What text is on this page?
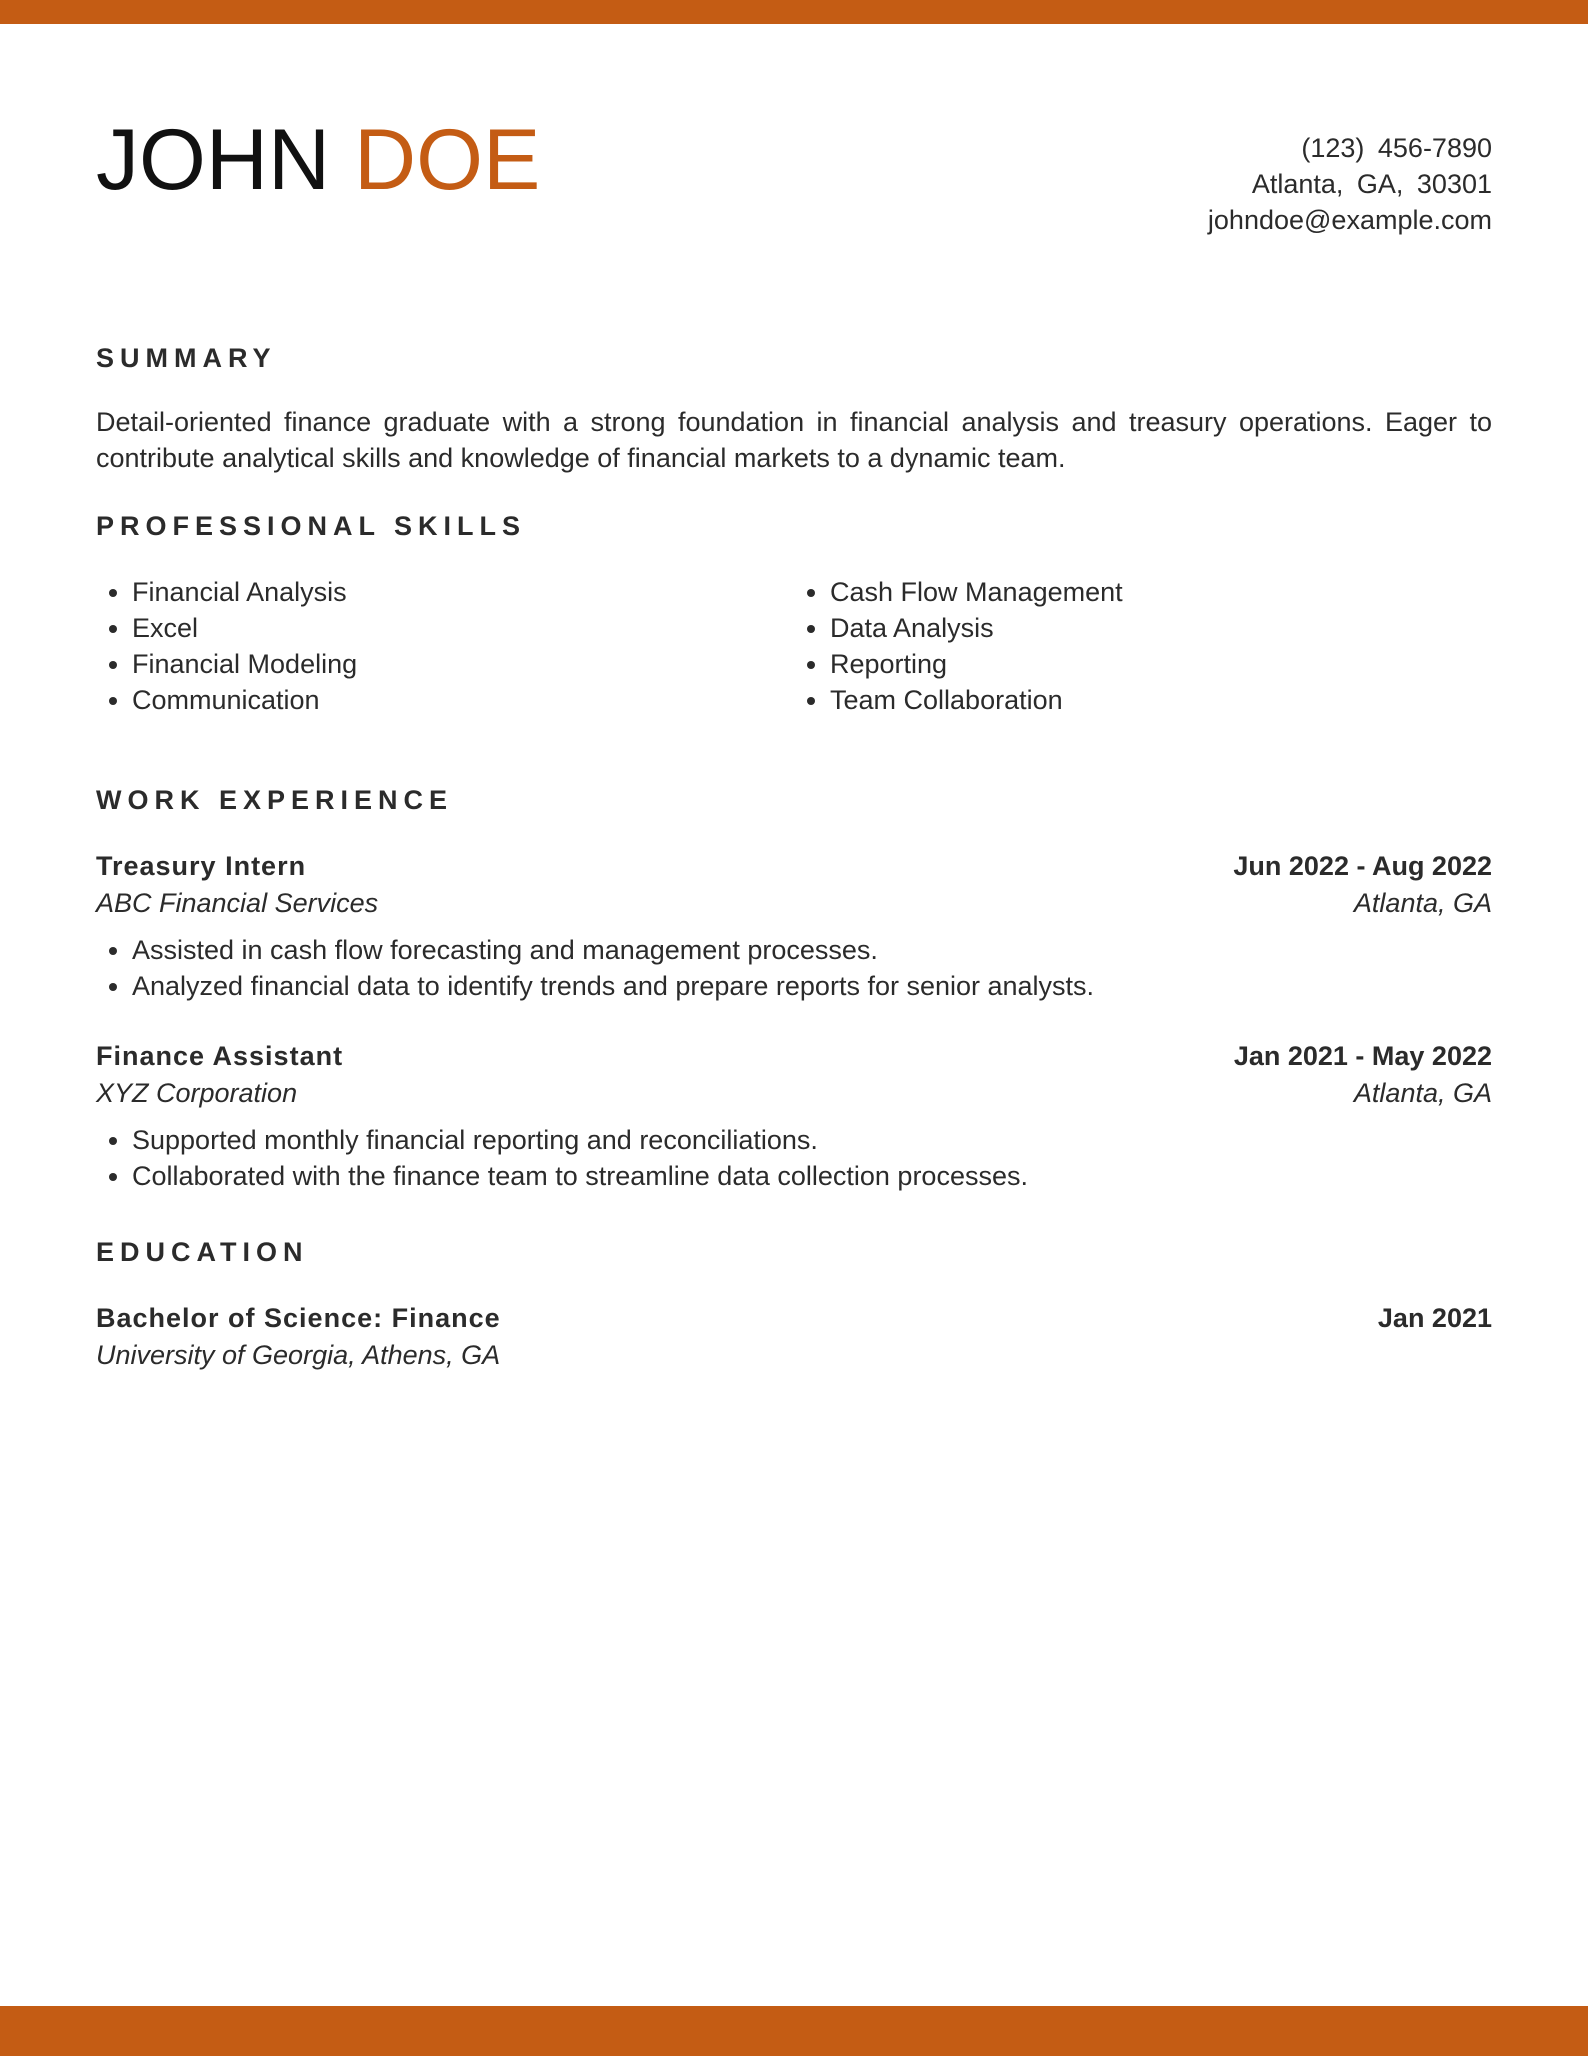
JOHN DOE	(123) 456-7890
Atlanta, GA, 30301
johndoe@example.com
SUMMARY
Detail-oriented finance graduate with a strong foundation in financial analysis and treasury operations. Eager to contribute analytical skills and knowledge of financial markets to a dynamic team.
PROFESSIONAL SKILLS
• Financial Analysis
• Excel
• Financial Modeling
• Communication
• Cash Flow Management
• Data Analysis
• Reporting
• Team Collaboration
WORK EXPERIENCE
Treasury Intern	Jun 2022 - Aug 2022
ABC Financial Services	Atlanta, GA
• Assisted in cash flow forecasting and management processes.
• Analyzed financial data to identify trends and prepare reports for senior analysts.
Finance Assistant	Jan 2021 - May 2022
XYZ Corporation	Atlanta, GA
• Supported monthly financial reporting and reconciliations.
• Collaborated with the finance team to streamline data collection processes.
EDUCATION
Bachelor of Science: Finance	Jan 2021
University of Georgia, Athens, GA
